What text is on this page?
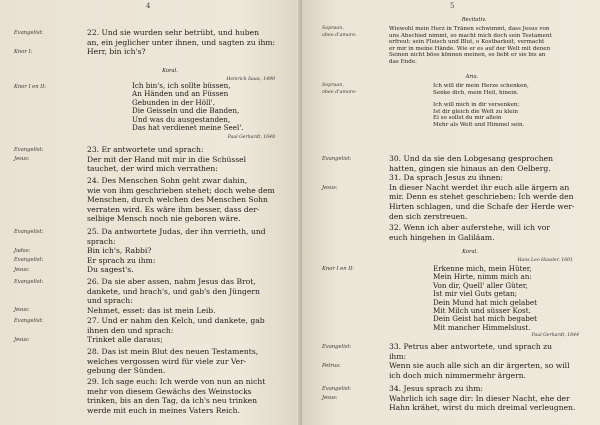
4
Evangelist:
Knor I:
22. Und sie wurden sehr betrübt, und huben
an, ein jeglicher unter ihnen, und sagten zu ihm:
Herr, bin ich's?
Koral.
Heinrich Isaac, 1490
Knor I en II:	Ich bin's, ich sollte büssen,
An Händen und an Füssen
Gebunden in der Höll'.
Die Geisseln und die Banden,
Und was du ausgestanden,
Das hat verdienet meine Seel'.
Paul Gerhardt, 1648
Evangelist:
Jesus:
23. Er antwortete und sprach:
Der mit der Hand mit mir in die Schüssel
tauchet, der wird mich verrathen:
24. Des Menschen Sohn geht zwar dahin,
wie von ihm geschrieben stehet; doch wehe dem
Menschen, durch welchen des Menschen Sohn
verraten wird. Es wäre ihm besser, dass der-
selbige Mensch noch nie geboren wäre.
Evangelist:
Judas:
Evangelist:
Jesus:
25. Da antwortete Judas, der ihn verrieth, und
sprach:
Bin ich's, Rabbi?
Er sprach zu ihm:
Du sagest's.
Evangelist:
Jesus:
26. Da sie aber assen, nahm Jesus das Brot,
dankete, und brach's, und gab's den Jüngern
und sprach:
Nehmet, esset: das ist mein Leib.
Evangelist:
Jesus:
27. Und er nahm den Kelch, und dankete, gab
ihnen den und sprach:
Trinket alle daraus;
28. Das ist mein Blut des neuen Testaments,
welches vergossen wird für viele zur Ver-
gebung der Sünden.
29. Ich sage euch: Ich werde von nun an nicht
mehr von diesem Gewächs des Weinstocks
trinken, bis an den Tag, da ich's neu trinken
werde mit euch in meines Vaters Reich.
5
Recitativ.
Sopraan,
obeo d'amore:
Wiewohl mein Herz in Tränen schwimmt, dass Jesus von
uns Abschied nimmt, so macht mich doch sein Testament
erfreut: sein Fleisch und Blut, o Kostbarkeit, vermacht
er mir in meine Hände. Wie er es auf der Welt mit denen
Seinen nicht böse können meinen, so liebt er sie bis an
das Ende.
Aria.
Sopraan,
obeo d'amore:
Ich will dir mein Herze schenken,
Senke dich, mein Heil, hinein.
Ich will mich in dir versenken;
Ist dir gleich die Welt zu klein
Ei so sollst du mir allein
Mehr als Welt und Himmel sein.
Evangelist:
Jesus:
30. Und da sie den Lobgesang gesprochen
hatten, gingen sie hinaus an den Oelberg.
31. Da sprach Jesus zu ihnen:
In dieser Nacht werdet ihr euch alle ärgern an
mir. Denn es stehet geschrieben: Ich werde den
Hirten schlagen, und die Schafe der Herde wer-
den sich zerstreuen.
32. Wenn ich aber auferstehe, will ich vor
euch hingehen in Galiläam.
Koral.
Hans Leo Hassler, 1601
Knor I en II:	Erkenne mich, mein Hüter,
Mein Hirte, nimm mich an:
Von dir, Quell' aller Güter,
Ist mir viel Guts getan;
Dein Mund hat mich gelabet
Mit Milch und süsser Kost.
Dein Geist hat mich begabet
Mit mancher Himmelslust.
Paul Gerhardt, 1644
Evangelist:
Petrus:
33. Petrus aber antwortete, und sprach zu
ihm:
Wenn sie auch alle sich an dir ärgerten, so will
ich doch mich nimmermehr ärgern.
Evangelist:
Jesus:
34. Jesus sprach zu ihm:
Wahrlich ich sage dir: In dieser Nacht, ehe der
Hahn krähet, wirst du mich dreimal verleugnen.
